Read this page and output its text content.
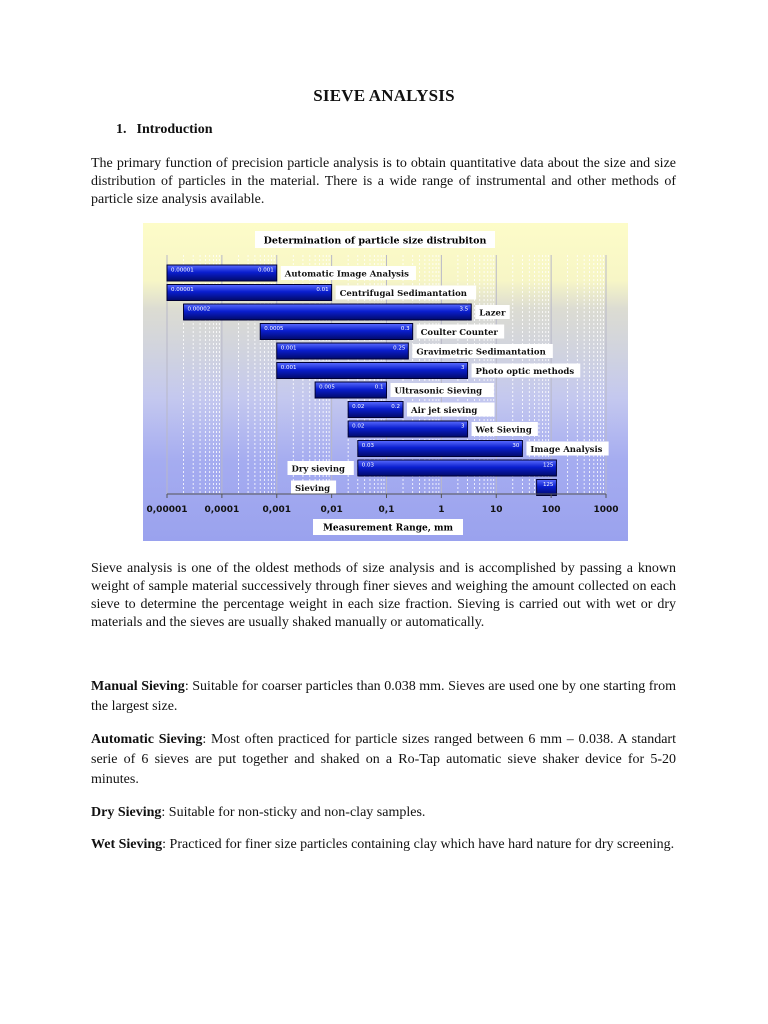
SIEVE ANALYSIS
1. Introduction

The primary function of precision particle analysis is to obtain quantitative data about the size and size distribution of particles in the material. There is a wide range of instrumental and other methods of particle size analysis available.

0.00001	0.001
0.00001	0.01
0.00002	3.5
0.0005	0.3
0.001	0.25
0.001	3
0.005	0.1
0.02	0.2
0.02	3
0.03	30
0.03	125
125
Automatic Image Analysis
Centrifugal Sedimantation
Lazer
Coulter Counter
Gravimetric Sedimantation
Photo optic methods
Ultrasonic Sieving
Air jet sieving
Wet Sieving
Image Analysis
Dry sieving
Sieving
0,00001 0,0001	0,001	0,01	0,1	1	10	100	1000
Determination of particle size distrubiton
Measurement Range, mm

Sieve analysis is one of the oldest methods of size analysis and is accomplished by passing a known weight of sample material successively through finer sieves and weighing the amount collected on each sieve to determine the percentage weight in each size fraction. Sieving is carried out with wet or dry materials and the sieves are usually shaked manually or automatically.

Manual Sieving: Suitable for coarser particles than 0.038 mm. Sieves are used one by one starting from the largest size.

Automatic Sieving: Most often practiced for particle sizes ranged between 6 mm – 0.038. A standart serie of 6 sieves are put together and shaked on a Ro-Tap automatic sieve shaker device for 5-20 minutes.

Dry Sieving: Suitable for non-sticky and non-clay samples.

Wet Sieving: Practiced for finer size particles containing clay which have hard nature for dry screening.
